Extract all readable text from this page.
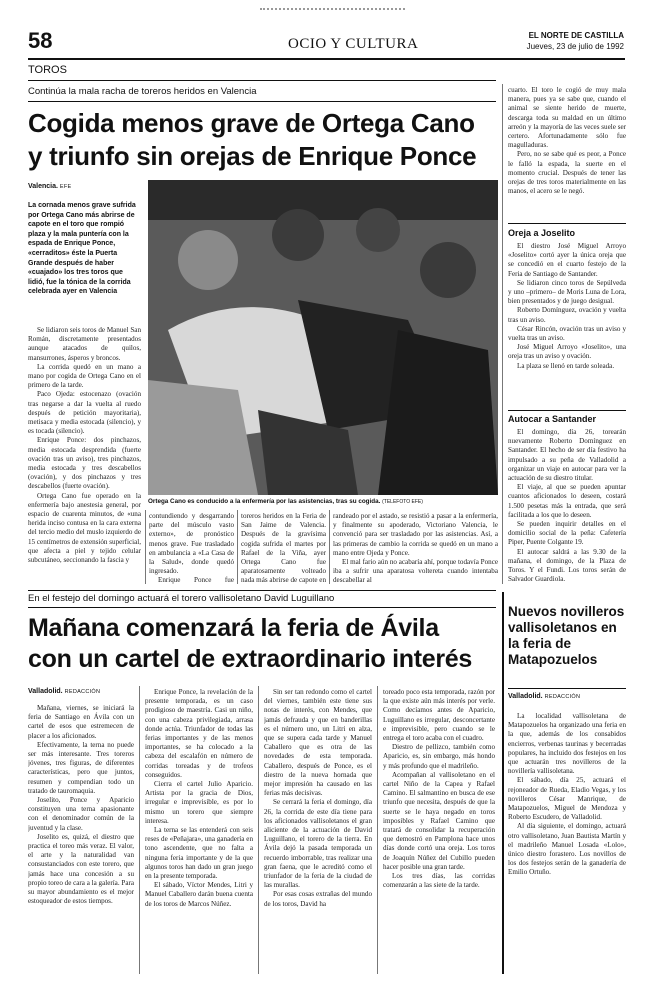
58	OCIO Y CULTURA
EL NORTE DE CASTILLA
Jueves, 23 de julio de 1992
TOROS
Continúa la mala racha de toreros heridos en Valencia
Cogida menos grave de Ortega Cano
y triunfo sin orejas de Enrique Ponce
Valencia. EFE
La cornada menos grave sufrida por Ortega Cano más abrirse de capote en el toro que rompió plaza y la mala puntería con la espada de Enrique Ponce, «cerraditos» éste la Puerta Grande después de haber «cuajado» los tres toros que lidió, fue la tónica de la corrida celebrada ayer en Valencia
Ortega Cano es conducido a la enfermería por las asistencias, tras su cogida. (TELEFOTO EFE)

Se lidiaron seis toros de Manuel San Román, discretamente presentados aunque atacados de quilos, mansurrones, ásperos y broncos.

La corrida quedó en un mano a mano por cogida de Ortega Cano en el primero de la tarde.

Paco Ojeda: estocenazo (ovación tras negarse a dar la vuelta al ruedo después de petición mayoritaria), metisaca y media estocada (silencio), y es tocada (silencio).

Enrique Ponce: dos pinchazos, media estocada desprendida (fuerte ovación tras un aviso), tres pinchazos, media estocada y tres descabellos (ovación), y dos pinchazos y tres descabellos (fuerte ovación).

Ortega Cano fue operado en la enfermería bajo anestesia general, por espacio de cuarenta minutos, de «una herida inciso contusa en la cara externa del tercio medio del muslo izquierdo de 15 centímetros de extensión superficial, que afecta a piel y tejido celular subcutáneo, seccionando la fascia y

contundiendo y desgarrando parte del músculo vasto externo», de pronóstico menos grave. Fue trasladado en ambulancia a «La Casa de la Salud», donde quedó ingresado.

Enrique Ponce fue

toreros heridos en la Feria de San Jaime de Valencia. Después de la gravísima cogida sufrida el martes por Rafael de la Viña, ayer Ortega Cano fue aparatosamente volteado nada más abrirse de capote en

randeado por el astado, se resistió a pasar a la enfermería, y finalmente su apoderado, Victoriano Valencia, le convenció para ser trasladado por las asistencias. Así, a las primeras de cambio la corrida se quedó en un mano a mano entre Ojeda y Ponce.

El mal fario aún no acabaría ahí, porque todavía Ponce iba a sufrir una aparatosa voltereta cuando intentaba descabellar al

cuarto. El toro le cogió de muy mala manera, pues ya se sabe que, cuando el animal se siente herido de muerte, descarga toda su maldad en un último arreón y la mayoría de las veces suele ser certero. Afortunadamente sólo fue magulladuras.

Pero, no se sabe qué es peor, a Ponce le falló la espada, la suerte en el momento crucial. Después de tener las orejas de tres toros materialmente en las manos, el acero se le negó.

Oreja a Joselito

El diestro José Miguel Arroyo «Joselito» cortó ayer la única oreja que se concedió en el cuarto festejo de la Feria de Santiago de Santander.

Se lidiaron cinco toros de Sepúlveda y uno –primero– de Moris Luna de Lora, bien presentados y de juego desigual.

Roberto Domínguez, ovación y vuelta tras un aviso.

César Rincón, ovación tras un aviso y vuelta tras un aviso.

José Miguel Arroyo «Joselito», una oreja tras un aviso y ovación.

La plaza se llenó en tarde soleada.

Autocar a Santander

El domingo, día 26, torearán nuevamente Roberto Domínguez en Santander. El hecho de ser día festivo ha impulsado a su peña de Valladolid a organizar un viaje en autocar para ver la actuación de su diestro titular.

El viaje, al que se pueden apuntar cuantos aficionados lo deseen, costará 1.500 pesetas más la entrada, que será facilitada a los que lo deseen.

Se pueden inquirir detalles en el domicilio social de la peña: Cafetería Piper, Puente Colgante 19.

El autocar saldrá a las 9.30 de la mañana, el domingo, de la Plaza de Toros. Y el Fundi. Los toros serán de Salvador Guardiola.

En el festejo del domingo actuará el torero vallisoletano David Luguillano
Mañana comenzará la feria de Ávila
con un cartel de extraordinario interés
Valladolid. REDACCIÓN

Mañana, viernes, se iniciará la feria de Santiago en Ávila con un cartel de esos que estremecen de placer a los aficionados.

Efectivamente, la terna no puede ser más interesante. Tres toreros jóvenes, tres figuras, de diferentes características, pero que juntos, resumen y compendian todo un tratado de tauromaquia.

Joselito, Ponce y Aparicio constituyen una terna apasionante con el denominador común de la juventud y la clase.

Joselito es, quizá, el diestro que practica el toreo más veraz. El valor, el arte y la naturalidad van consustanciados con este torero, que jamás hace una concesión a su propio toreo de cara a la galería. Para su mayor abundamiento es el mejor estoqueador de estos tiempos.

Enrique Ponce, la revelación de la presente temporada, es un caso prodigioso de maestría. Casi un niño, con una cabeza privilegiada, arrasa donde actúa. Triunfador de todas las ferias importantes y de las menos importantes, se ha colocado a la cabeza del escalafón en número de corridas toreadas y de trofeos conseguidos.

Cierra el cartel Julio Aparicio. Artista por la gracia de Dios, irregular e imprevisible, es por lo mismo un torero que siempre interesa.

La terna se las entenderá con seis reses de «Peñajara», una ganadería en tono ascendente, que no falta a ninguna feria importante y de la que algunos toros han dado un gran juego en la presente temporada.

El sábado, Víctor Mendes, Litri y Manuel Caballero darán buena cuenta de los toros de Marcos Núñez.

Sin ser tan redondo como el cartel del viernes, también este tiene sus notas de interés, con Mendes, que jamás defrauda y que en banderillas es el número uno, un Litri en alza, que se supera cada tarde y Manuel Caballero que es otra de las novedades de esta temporada. Caballero, después de Ponce, es el diestro de la nueva hornada que mejor impresión ha causado en las ferias más decisivas.

Se cerrará la feria el domingo, día 26, la corrida de este día tiene para los aficionados vallisoletanos el gran aliciente de la actuación de David Luguillano, el torero de la tierra. En Ávila dejó la pasada temporada un recuerdo imborrable, tras realizar una gran faena, que le acreditó como el triunfador de la feria de la ciudad de las murallas.

Por esas cosas extrañas del mundo de los toros, David ha

toreado poco esta temporada, razón por la que existe aún más interés por verle. Como decíamos antes de Aparicio, Luguillano es irregular, desconcertante e imprevisible, pero cuando se le entrega el toro acaba con el cuadro.

Diestro de pellizco, también como Aparicio, es, sin embargo, más hondo y más profundo que el madrileño.

Acompañan al vallisoletano en el cartel Niño de la Capea y Rafael Camino. El salmantino en busca de ese triunfo que necesita, después de que la suerte se le haya negado en toros imposibles y Rafael Camino que tratará de consolidar la recuperación que demostró en Pamplona hace unos días donde cortó una oreja. Los toros de Joaquín Núñez del Cubillo pueden hacer posible una gran tarde.

Los tres días, las corridas comenzarán a las siete de la tarde.

Nuevos novilleros vallisoletanos en la feria de Matapozuelos
Valladolid. REDACCIÓN

La localidad vallisoletana de Matapozuelos ha organizado una feria en la que, además de los consabidos encierros, verbenas taurinas y becerradas populares, ha incluido dos festejos en los que actuarán tres novilleros de la novillería vallisoletana.

El sábado, día 25, actuará el rejoneador de Rueda, Eladio Vegas, y los novilleros César Manrique, de Matapozuelos, Miguel de Mendoza y Roberto Escudero, de Valladolid.

Al día siguiente, el domingo, actuará otro vallisoletano, Juan Bautista Martín y el madrileño Manuel Losada «Lolo», único diestro forastero. Los novillos de los dos festejos serán de la ganadería de Emilio Ortuño.
